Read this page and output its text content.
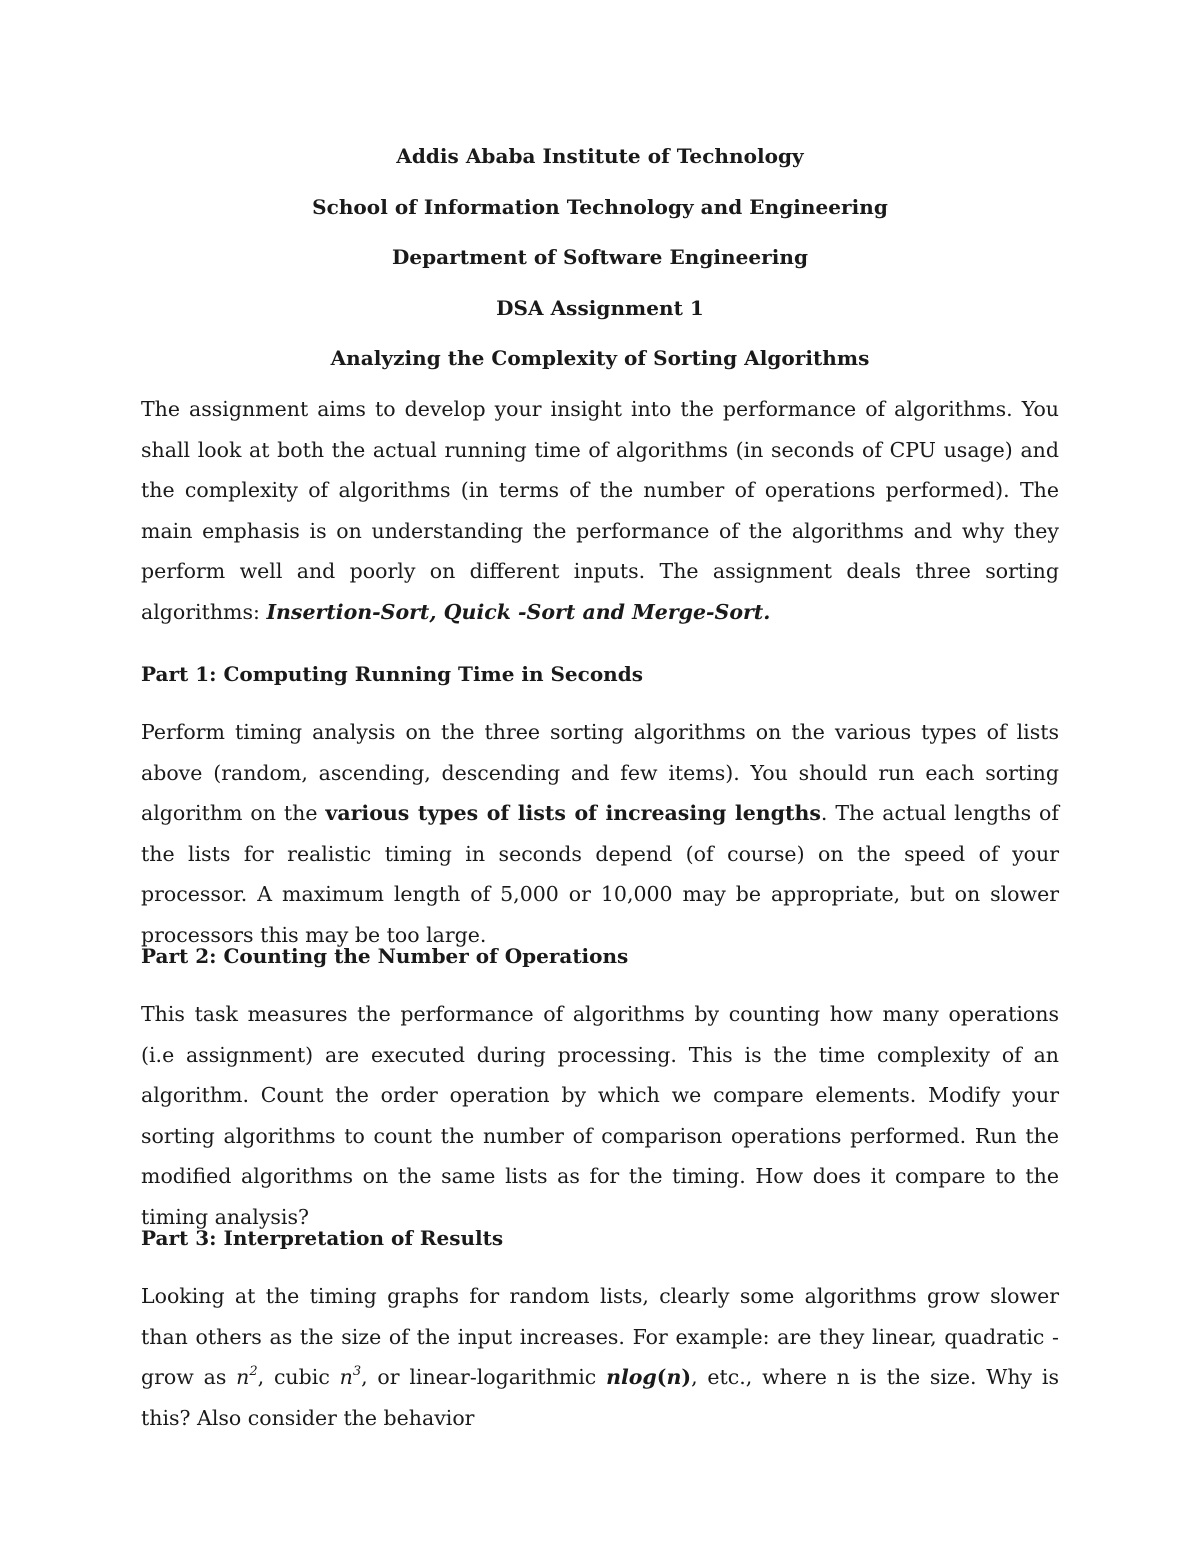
Addis Ababa Institute of Technology

School of Information Technology and Engineering

Department of Software Engineering

DSA Assignment 1

Analyzing the Complexity of Sorting Algorithms

The assignment aims to develop your insight into the performance of algorithms. You shall look at both the actual running time of algorithms (in seconds of CPU usage) and the complexity of algorithms (in terms of the number of operations performed). The main emphasis is on understanding the performance of the algorithms and why they perform well and poorly on different inputs. The assignment deals three sorting algorithms: Insertion-Sort, Quick -Sort and Merge-Sort.

Part 1: Computing Running Time in Seconds

Perform timing analysis on the three sorting algorithms on the various types of lists above (random, ascending, descending and few items). You should run each sorting algorithm on the various types of lists of increasing lengths. The actual lengths of the lists for realistic timing in seconds depend (of course) on the speed of your processor. A maximum length of 5,000 or 10,000 may be appropriate, but on slower processors this may be too large.

Part 2: Counting the Number of Operations

This task measures the performance of algorithms by counting how many operations (i.e assignment) are executed during processing. This is the time complexity of an algorithm. Count the order operation by which we compare elements. Modify your sorting algorithms to count the number of comparison operations performed. Run the modified algorithms on the same lists as for the timing. How does it compare to the timing analysis?

Part 3: Interpretation of Results

Looking at the timing graphs for random lists, clearly some algorithms grow slower than others as the size of the input increases. For example: are they linear, quadratic - grow as $n^2$, cubic $n^3$, or linear-logarithmic nlog(n), etc., where n is the size. Why is this? Also consider the behavior
